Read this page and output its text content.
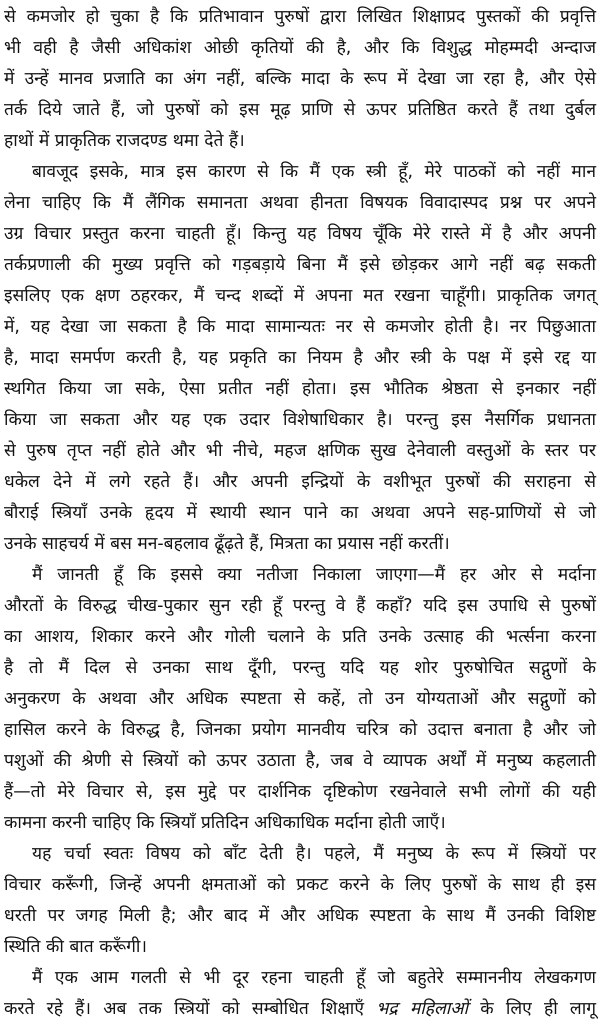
से कमजोर हो चुका है कि प्रतिभावान पुरुषों द्वारा लिखित शिक्षाप्रद पुस्तकों की प्रवृत्ति
भी वही है जैसी अधिकांश ओछी कृतियों की है, और कि विशुद्ध मोहम्मदी अन्दाज
में उन्हें मानव प्रजाति का अंग नहीं, बल्कि मादा के रूप में देखा जा रहा है, और ऐसे
तर्क दिये जाते हैं, जो पुरुषों को इस मूढ़ प्राणि से ऊपर प्रतिष्ठित करते हैं तथा दुर्बल
हाथों में प्राकृतिक राजदण्ड थमा देते हैं।
बावजूद इसके, मात्र इस कारण से कि मैं एक स्त्री हूँ, मेरे पाठकों को नहीं मान
लेना चाहिए कि मैं लैंगिक समानता अथवा हीनता विषयक विवादास्पद प्रश्न पर अपने
उग्र विचार प्रस्तुत करना चाहती हूँ। किन्तु यह विषय चूँकि मेरे रास्ते में है और अपनी
तर्कप्रणाली की मुख्य प्रवृत्ति को गड़बड़ाये बिना मैं इसे छोड़कर आगे नहीं बढ़ सकती
इसलिए एक क्षण ठहरकर, मैं चन्द शब्दों में अपना मत रखना चाहूँगी। प्राकृतिक जगत्
में, यह देखा जा सकता है कि मादा सामान्यतः नर से कमजोर होती है। नर पिछुआता
है, मादा समर्पण करती है, यह प्रकृति का नियम है और स्त्री के पक्ष में इसे रद्द या
स्थगित किया जा सके, ऐसा प्रतीत नहीं होता। इस भौतिक श्रेष्ठता से इनकार नहीं
किया जा सकता और यह एक उदार विशेषाधिकार है। परन्तु इस नैसर्गिक प्रधानता
से पुरुष तृप्त नहीं होते और भी नीचे, महज क्षणिक सुख देनेवाली वस्तुओं के स्तर पर
धकेल देने में लगे रहते हैं। और अपनी इन्द्रियों के वशीभूत पुरुषों की सराहना से
बौराई स्त्रियाँ उनके हृदय में स्थायी स्थान पाने का अथवा अपने सह-प्राणियों से जो
उनके साहचर्य में बस मन-बहलाव ढूँढ़ते हैं, मित्रता का प्रयास नहीं करतीं।
मैं जानती हूँ कि इससे क्या नतीजा निकाला जाएगा—मैं हर ओर से मर्दाना
औरतों के विरुद्ध चीख-पुकार सुन रही हूँ परन्तु वे हैं कहाँ? यदि इस उपाधि से पुरुषों
का आशय, शिकार करने और गोली चलाने के प्रति उनके उत्साह की भर्त्सना करना
है तो मैं दिल से उनका साथ दूँगी, परन्तु यदि यह शोर पुरुषोचित सद्गुणों के
अनुकरण के अथवा और अधिक स्पष्टता से कहें, तो उन योग्यताओं और सद्गुणों को
हासिल करने के विरुद्ध है, जिनका प्रयोग मानवीय चरित्र को उदात्त बनाता है और जो
पशुओं की श्रेणी से स्त्रियों को ऊपर उठाता है, जब वे व्यापक अर्थों में मनुष्य कहलाती
हैं—तो मेरे विचार से, इस मुद्दे पर दार्शनिक दृष्टिकोण रखनेवाले सभी लोगों की यही
कामना करनी चाहिए कि स्त्रियाँ प्रतिदिन अधिकाधिक मर्दाना होती जाएँ।
यह चर्चा स्वतः विषय को बाँट देती है। पहले, मैं मनुष्य के रूप में स्त्रियों पर
विचार करूँगी, जिन्हें अपनी क्षमताओं को प्रकट करने के लिए पुरुषों के साथ ही इस
धरती पर जगह मिली है; और बाद में और अधिक स्पष्टता के साथ मैं उनकी विशिष्ट
स्थिति की बात करूँगी।
मैं एक आम गलती से भी दूर रहना चाहती हूँ जो बहुतेरे सम्माननीय लेखकगण
करते रहे हैं। अब तक स्त्रियों को सम्बोधित शिक्षाएँ भद्र महिलाओं के लिए ही लागू
